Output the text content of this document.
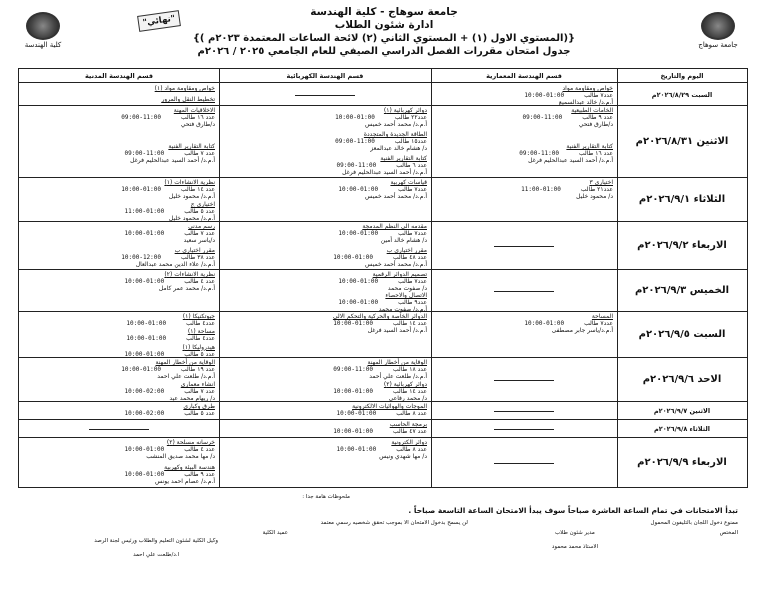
كلية الهندسة	جامعة سوهاج
"نهائي"
جامعة سوهاج - كلية الهندسة
ادارة شئون الطلاب
{(المستوي الاول (١) + المستوي الثاني (٢) لائحة الساعات المعتمدة ٢٠٢٣م )}
جدول امتحان مقررات الفصل الدراسي الصيفي للعام الجامعي ٢٠٢٥ / ٢٠٢٦م
اليوم والتاريخ
قسم الهندسة المعمارية
قسم الهندسة الكهربائية
قسم الهندسة المدنية
السبت ٢٠٢٦/٨/٢٩م
خواص ومقاومة مواد
عدد٧ طالب01:00-10:00
أ.م.د/ خالد عبدالسميع
خواص ومقاومة مواد (١)
تخطيط النقل والمرور
الاثنين ٢٠٢٦/٨/٣١م
الخامات الطبيعية
عدد ٩ طالب11:00-09:00
د/طارق فتحي
كتابة التقارير الفنية
عدد ١٦ طالب11:00-09:00
أ.م.د/ أحمد السيد عبدالحليم فرغل
دوائر كهربائية (١)
عدد٢٢ طالب01:00-10:00
أ.م.د/ محمد أحمد خميس
الطاقة الجديدة والمتجددة
عدد١٥ طالب11:00-09:00
د/ هشام خالد عبدالمعز
كتابة التقارير الفنية
عدد ٦ طالب11:00-09:00
أ.م.د/ أحمد السيد عبدالحليم فرغل
الاخلاقيات المهنة
عدد ١٦ طالب11:00-09:00
د/طارق فتحي
كتابة التقارير الفنية
عدد ٧ طالب11:00-09:00
أ.م.د/ أحمد السيد عبدالحليم فرغل
الثلاثاء ٢٠٢٦/٩/١م
اختياري ٣
عدد٢١ طالب01:00-11:00
د/ محمود خليل
قياسات كهربية
عدد٧ طالب01:00-10:00
أ.م.د/ محمد أحمد خميس
نظرية الانشاءات (١)
عدد ١٤ طالب01:00-10:00
أ.م.د/ محمود خليل
اختياري ج
عدد ٥ طالب01:00-11:00
أ.م.د/ محمود خليل
الاربعاء ٢٠٢٦/٩/٢م
مقدمه الي النظم المدمجة
عدد٧ طالب01:00-10:00
د/ هشام خالد أمين
مقرر اختياري ب
عدد ٤٨ طالب01:00-10:00
أ.م.د/ محمد أحمد خميس
رسم مدني
عدد ٧ طالب01:00-10:00
د/ياسر سعيد
مقرر اختياري ب
عدد ٣٨ طالب12:00-10:00
أ.م.د/ علاء الدين محمد عبدالعال
الخميس ٢٠٢٦/٩/٣م
تصميم الدوائر الرقمية
عدد٧ طالب01:00-10:00
د/ صفوت محمد
الاتصال والاحصاء
عدد٩ طالب01:00-10:00
أ.م.د/ صفوت محمد
نظرية الانشاءات (٢)
عدد ٤ طالب01:00-10:00
أ.م.د/ محمد عمر كامل
السبت ٢٠٢٦/٩/٥م
المساحة
عدد٧ طالب01:00-10:00
أ.م.د/ياسر جابر مصطفى
الدوائر الخاصة والحركية والتحكم الالي
عدد ١٤ طالب01:00-10:00
أ.م.د/ أحمد السيد فرغل
جيوتكنيكا (١)
عدد٤ طالب01:00-10:00
مساحة (١)
عدد٤ طالب01:00-10:00
هيدروليكا (١)
عدد ٥ طالب01:00-10:00
الاحد ٢٠٢٦/٩/٦م
الوقاية من أخطار المهنة
عدد ١٨ طالب11:00-09:00
أ.م.د/ طلعت علي أحمد
دوائر كهربائية (٢)
عدد ١٤ طالب01:00-10:00
د/ محمد رفاعي
الوقاية من أخطار المهنة
عدد ١٩ طالب01:00-10:00
أ.م.د/ طلعت علي احمد
انشاء معماري
عدد ٧ طالب02:00-10:00
د/ ريهام محمد عيد
الاثنين ٢٠٢٦/٩/٧م
الموجات والهوائيات الالكترونية
عدد ٨ طالب01:00-10:00
طرق وكباري
عدد ٥ طالب02:00-10:00
الثلاثاء ٢٠٢٦/٩/٨م
برمجة الحاسب
عدد ٤٧ طالب01:00-10:00
الاربعاء ٢٠٢٦/٩/٩م
دوائر الكترونية
عدد ٨ طالب01:00-10:00
د/ مها شهدي ونيس
خرسانه مسلحة (٢)
عدد ٤ طالب01:00-10:00
د/ مها محمد صديق المنشب
هندسة البيئة وكهربية
عدد ٩ طالب01:00-10:00
أ.م.د/ عصام احمد يونس
ملحوظات هامة جدا :
تبدأ الامتحانات في تمام الساعة العاشرة صباحاً سوف يبدأ الامتحان الساعة التاسعة صباحاً .
لن يسمح بدخول الامتحان الا بموجب تحقق شخصيه رسمي معتمد	ممنوع دخول اللجان بالتليفون المحمول
المختص
مدير شئون طلاب
الاستاذ محمد محمود
عميد الكلية
وكيل الكلية لشئون التعليم والطلاب ورئيس لجنة الرصد
ا.د/طلعت علي احمد
